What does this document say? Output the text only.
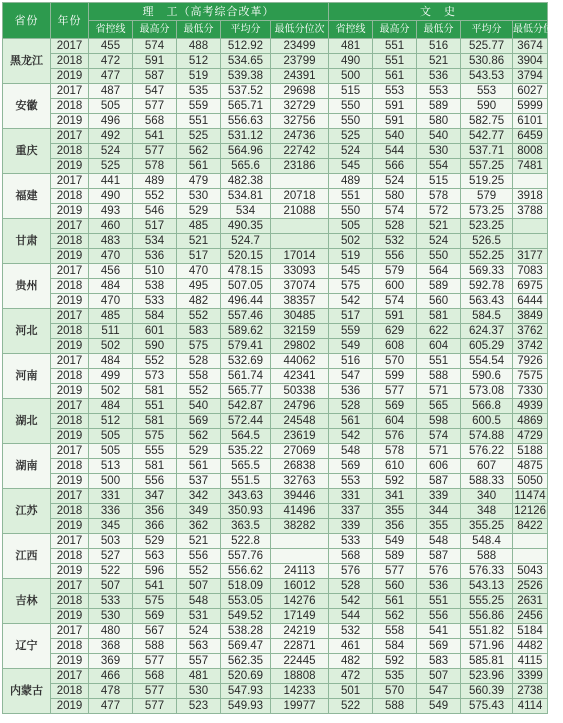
省份	年份	理　工（高考综合改革）					文　史				
		省控线	最高分	最低分	平均分	最低分位次	省控线	最高分	最低分	平均分	最低分位次
黑龙江	2017	455	574	488	512.92	23499	481	551	516	525.77	3674
	2018	472	591	512	534.65	23799	490	551	521	530.86	3904
	2019	477	587	519	539.38	24391	500	561	536	543.53	3794
安徽	2017	487	547	535	537.52	29698	515	553	553	553	6027
	2018	505	577	559	565.71	32729	550	591	589	590	5999
	2019	496	568	551	556.63	32756	550	591	580	582.75	6101
重庆	2017	492	541	525	531.12	24736	525	540	540	542.77	6459
	2018	524	577	562	564.96	22742	524	544	530	537.71	8008
	2019	525	578	561	565.6	23186	545	566	554	557.25	7481
福建	2017	441	489	479	482.38		489	524	515	519.25	
	2018	490	552	530	534.81	20718	551	580	578	579	3918
	2019	493	546	529	534	21088	550	574	572	573.25	3788
甘肃	2017	460	517	485	490.35		505	528	521	523.25	
	2018	483	534	521	524.7		502	532	524	526.5	
	2019	470	536	517	520.15	17014	519	556	550	552.25	3177
贵州	2017	456	510	470	478.15	33093	545	579	564	569.33	7083
	2018	484	538	495	507.05	37074	575	600	589	592.78	6975
	2019	470	533	482	496.44	38357	542	574	560	563.43	6444
河北	2017	485	584	552	557.46	30485	517	591	581	584.5	3849
	2018	511	601	583	589.62	32159	559	629	622	624.37	3762
	2019	502	590	575	579.41	29802	549	608	604	605.29	3742
河南	2017	484	552	528	532.69	44062	516	570	551	554.54	7926
	2018	499	573	558	561.74	42341	547	599	588	590.6	7575
	2019	502	581	552	565.77	50338	536	577	571	573.08	7330
湖北	2017	484	551	540	542.87	24796	528	569	565	566.8	4939
	2018	512	581	569	572.44	24548	561	604	598	600.5	4869
	2019	505	575	562	564.5	23619	542	576	574	574.88	4729
湖南	2017	505	555	529	535.22	27069	548	578	571	576.22	5188
	2018	513	581	561	565.5	26838	569	610	606	607	4875
	2019	500	556	537	551.5	32763	553	592	587	588.33	5050
江苏	2017	331	347	342	343.63	39446	331	341	339	340	11474
	2018	336	356	349	350.93	41496	337	355	344	348	12126
	2019	345	366	362	363.5	38282	339	356	355	355.25	8422
江西	2017	503	529	521	522.8		533	549	548	548.4	
	2018	527	563	556	557.76		568	589	587	588	
	2019	522	596	552	556.62	24113	576	577	576	576.33	5043
吉林	2017	507	541	507	518.09	16012	528	560	536	543.13	2526
	2018	533	575	548	553.05	14276	542	561	551	555.25	2631
	2019	530	569	531	549.52	17149	544	562	556	556.86	2456
辽宁	2017	480	567	524	538.28	24219	532	558	541	551.82	5184
	2018	368	588	563	569.47	22871	461	584	569	571.96	4482
	2019	369	577	557	562.35	22445	482	592	583	585.81	4115
内蒙古	2017	466	568	481	520.69	18808	472	535	507	523.96	3399
	2018	478	577	530	547.93	14233	501	570	547	560.39	2738
	2019	477	577	523	549.93	19977	522	588	549	575.43	4114
